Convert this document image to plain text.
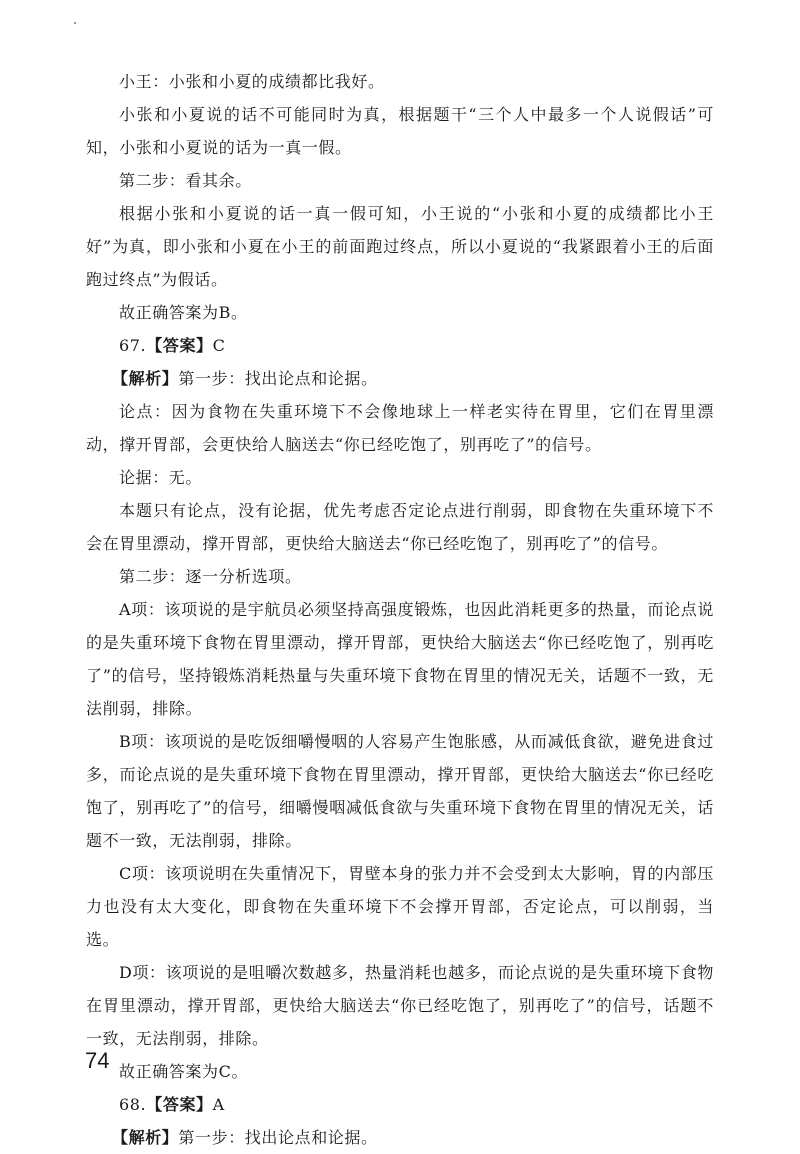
小王：小张和小夏的成绩都比我好。

小张和小夏说的话不可能同时为真，根据题干“三个人中最多一个人说假话”可知，小张和小夏说的话为一真一假。

第二步：看其余。

根据小张和小夏说的话一真一假可知，小王说的“小张和小夏的成绩都比小王好”为真，即小张和小夏在小王的前面跑过终点，所以小夏说的“我紧跟着小王的后面跑过终点”为假话。

故正确答案为B。

67.【答案】C

【解析】第一步：找出论点和论据。

论点：因为食物在失重环境下不会像地球上一样老实待在胃里，它们在胃里漂动，撑开胃部，会更快给人脑送去“你已经吃饱了，别再吃了”的信号。

论据：无。

本题只有论点，没有论据，优先考虑否定论点进行削弱，即食物在失重环境下不会在胃里漂动，撑开胃部，更快给大脑送去“你已经吃饱了，别再吃了”的信号。

第二步：逐一分析选项。

A项：该项说的是宇航员必须坚持高强度锻炼，也因此消耗更多的热量，而论点说的是失重环境下食物在胃里漂动，撑开胃部，更快给大脑送去“你已经吃饱了，别再吃了”的信号，坚持锻炼消耗热量与失重环境下食物在胃里的情况无关，话题不一致，无法削弱，排除。

B项：该项说的是吃饭细嚼慢咽的人容易产生饱胀感，从而减低食欲，避免进食过多，而论点说的是失重环境下食物在胃里漂动，撑开胃部，更快给大脑送去“你已经吃饱了，别再吃了”的信号，细嚼慢咽减低食欲与失重环境下食物在胃里的情况无关，话题不一致，无法削弱，排除。

C项：该项说明在失重情况下，胃壁本身的张力并不会受到太大影响，胃的内部压力也没有太大变化，即食物在失重环境下不会撑开胃部，否定论点，可以削弱，当选。

D项：该项说的是咀嚼次数越多，热量消耗也越多，而论点说的是失重环境下食物在胃里漂动，撑开胃部，更快给大脑送去“你已经吃饱了，别再吃了”的信号，话题不一致，无法削弱，排除。

故正确答案为C。

68.【答案】A

【解析】第一步：找出论点和论据。

74
